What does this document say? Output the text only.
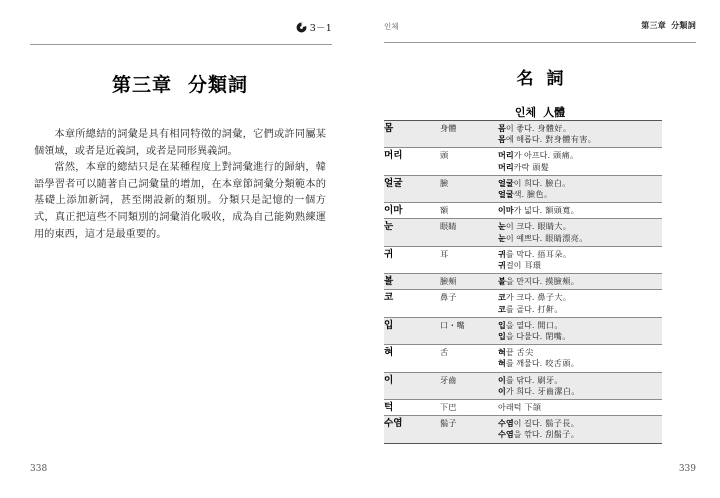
3－1
第三章 分類詞

本章所總結的詞彙是具有相同特徵的詞彙，它們或許同屬某個領域，或者是近義詞，或者是同形異義詞。

當然，本章的總結只是在某種程度上對詞彙進行的歸納，韓語學習者可以隨著自己詞彙量的增加，在本章節詞彙分類範本的基礎上添加新詞，甚至開設新的類別。分類只是記憶的一個方式，真正把這些不同類別的詞彙消化吸收，成為自己能夠熟練運用的東西，這才是最重要的。

338
인체	第三章 分類詞
名 詞
인체 人體
몸	身體	몸이 좋다. 身體好。
몸에 해롭다. 對身體有害。

머리	頭	머리가 아프다. 頭痛。
머리카락 頭髮

얼굴	臉	얼굴이 희다. 臉白。
얼굴색. 臉色。

이마	額	이마가 넓다. 額頭寬。

눈	眼睛	눈이 크다. 眼睛大。
눈이 예쁘다. 眼睛漂亮。

귀	耳	귀를 막다. 捂耳朵。
귀걸이 耳環

볼	臉頰	볼을 만지다. 摸臉頰。

코	鼻子	코가 크다. 鼻子大。
코를 골다. 打鼾。

입	口・嘴	입을 열다. 開口。
입을 다물다. 閉嘴。

혀	舌	혀끝 舌尖
혀를 깨물다. 咬舌頭。

이	牙齒	이를 닦다. 刷牙。
이가 희다. 牙齒潔白。

턱	下巴	아래턱 下頜

수염	鬍子	수염이 길다. 鬍子長。
수염을 깎다. 刮鬍子。
339
